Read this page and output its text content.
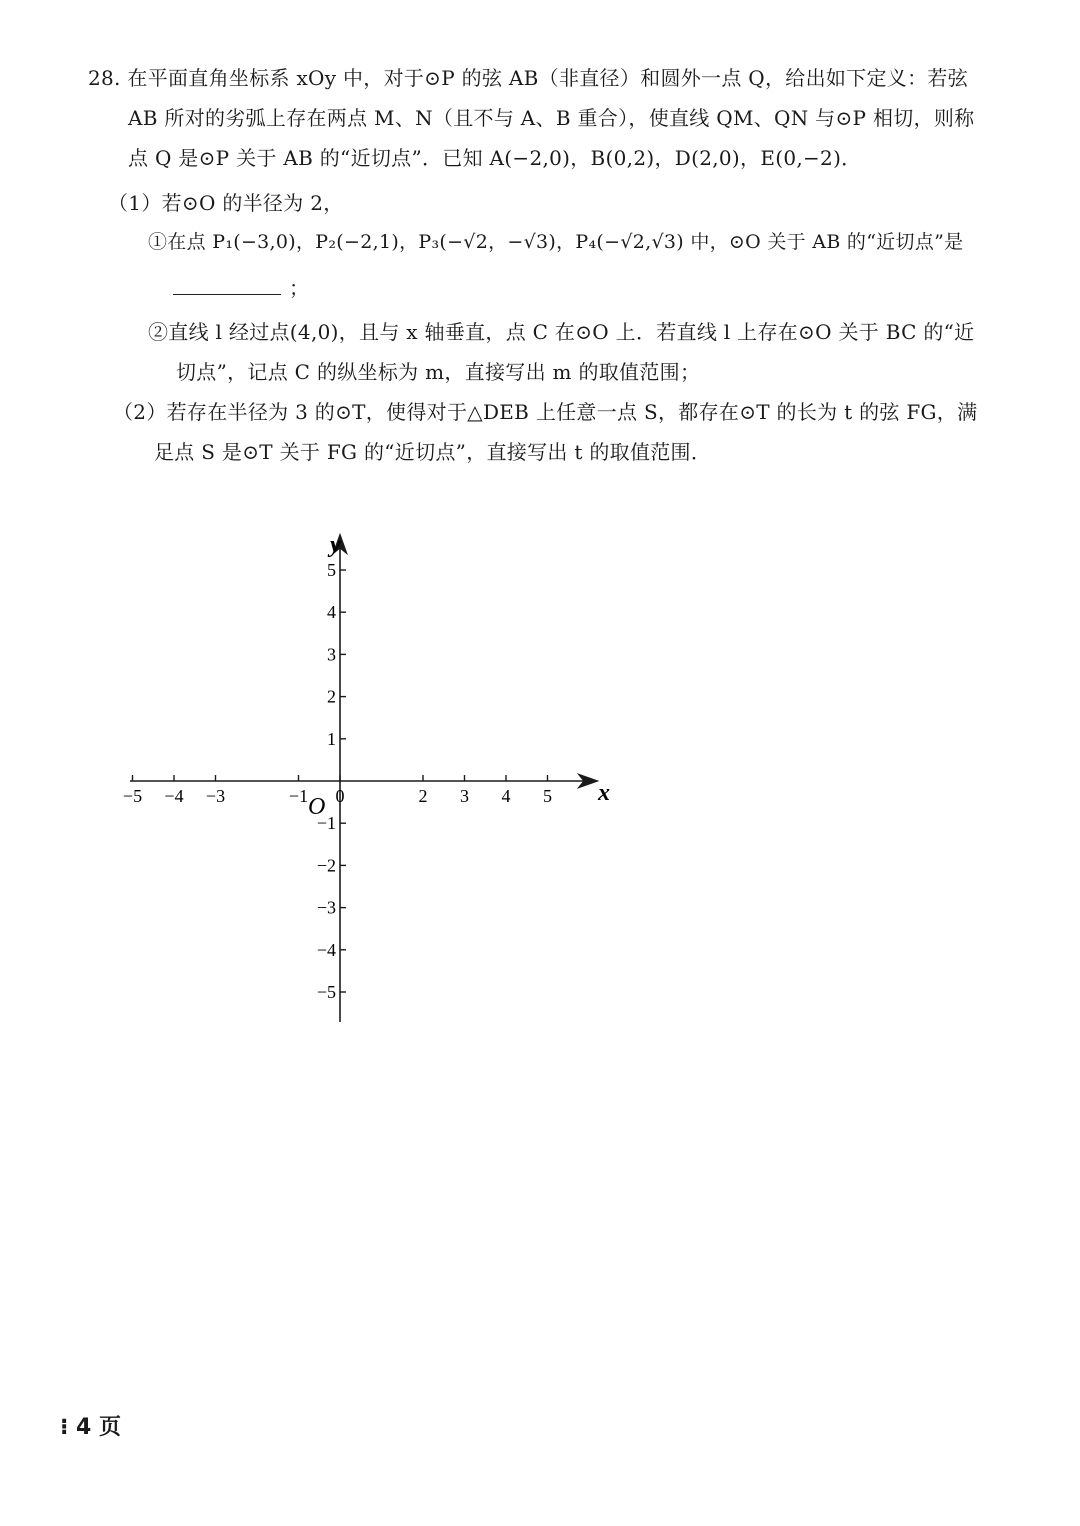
28. 在平面直角坐标系 xOy 中，对于⊙P 的弦 AB（非直径）和圆外一点 Q，给出如下定义：若弦
AB 所对的劣弧上存在两点 M、N（且不与 A、B 重合），使直线 QM、QN 与⊙P 相切，则称
点 Q 是⊙P 关于 AB 的“近切点”．已知 A(−2,0)，B(0,2)，D(2,0)，E(0,−2)．
（1）若⊙O 的半径为 2，
①在点 P₁(−3,0)，P₂(−2,1)，P₃(−√2，−√3)，P₄(−√2,√3) 中，⊙O 关于 AB 的“近切点”是
；
②直线 l 经过点(4,0)，且与 x 轴垂直，点 C 在⊙O 上．若直线 l 上存在⊙O 关于 BC 的“近
切点”，记点 C 的纵坐标为 m，直接写出 m 的取值范围；
（2）若存在半径为 3 的⊙T，使得对于△DEB 上任意一点 S，都存在⊙T 的长为 t 的弦 FG，满
足点 S 是⊙T 关于 FG 的“近切点”，直接写出 t 的取值范围．
x
y
O
−5 −4 −3	−1 0	2 3 4 5
5
4
3
2
1
−1
−2
−3
−4
−5
⁝ 4 页
